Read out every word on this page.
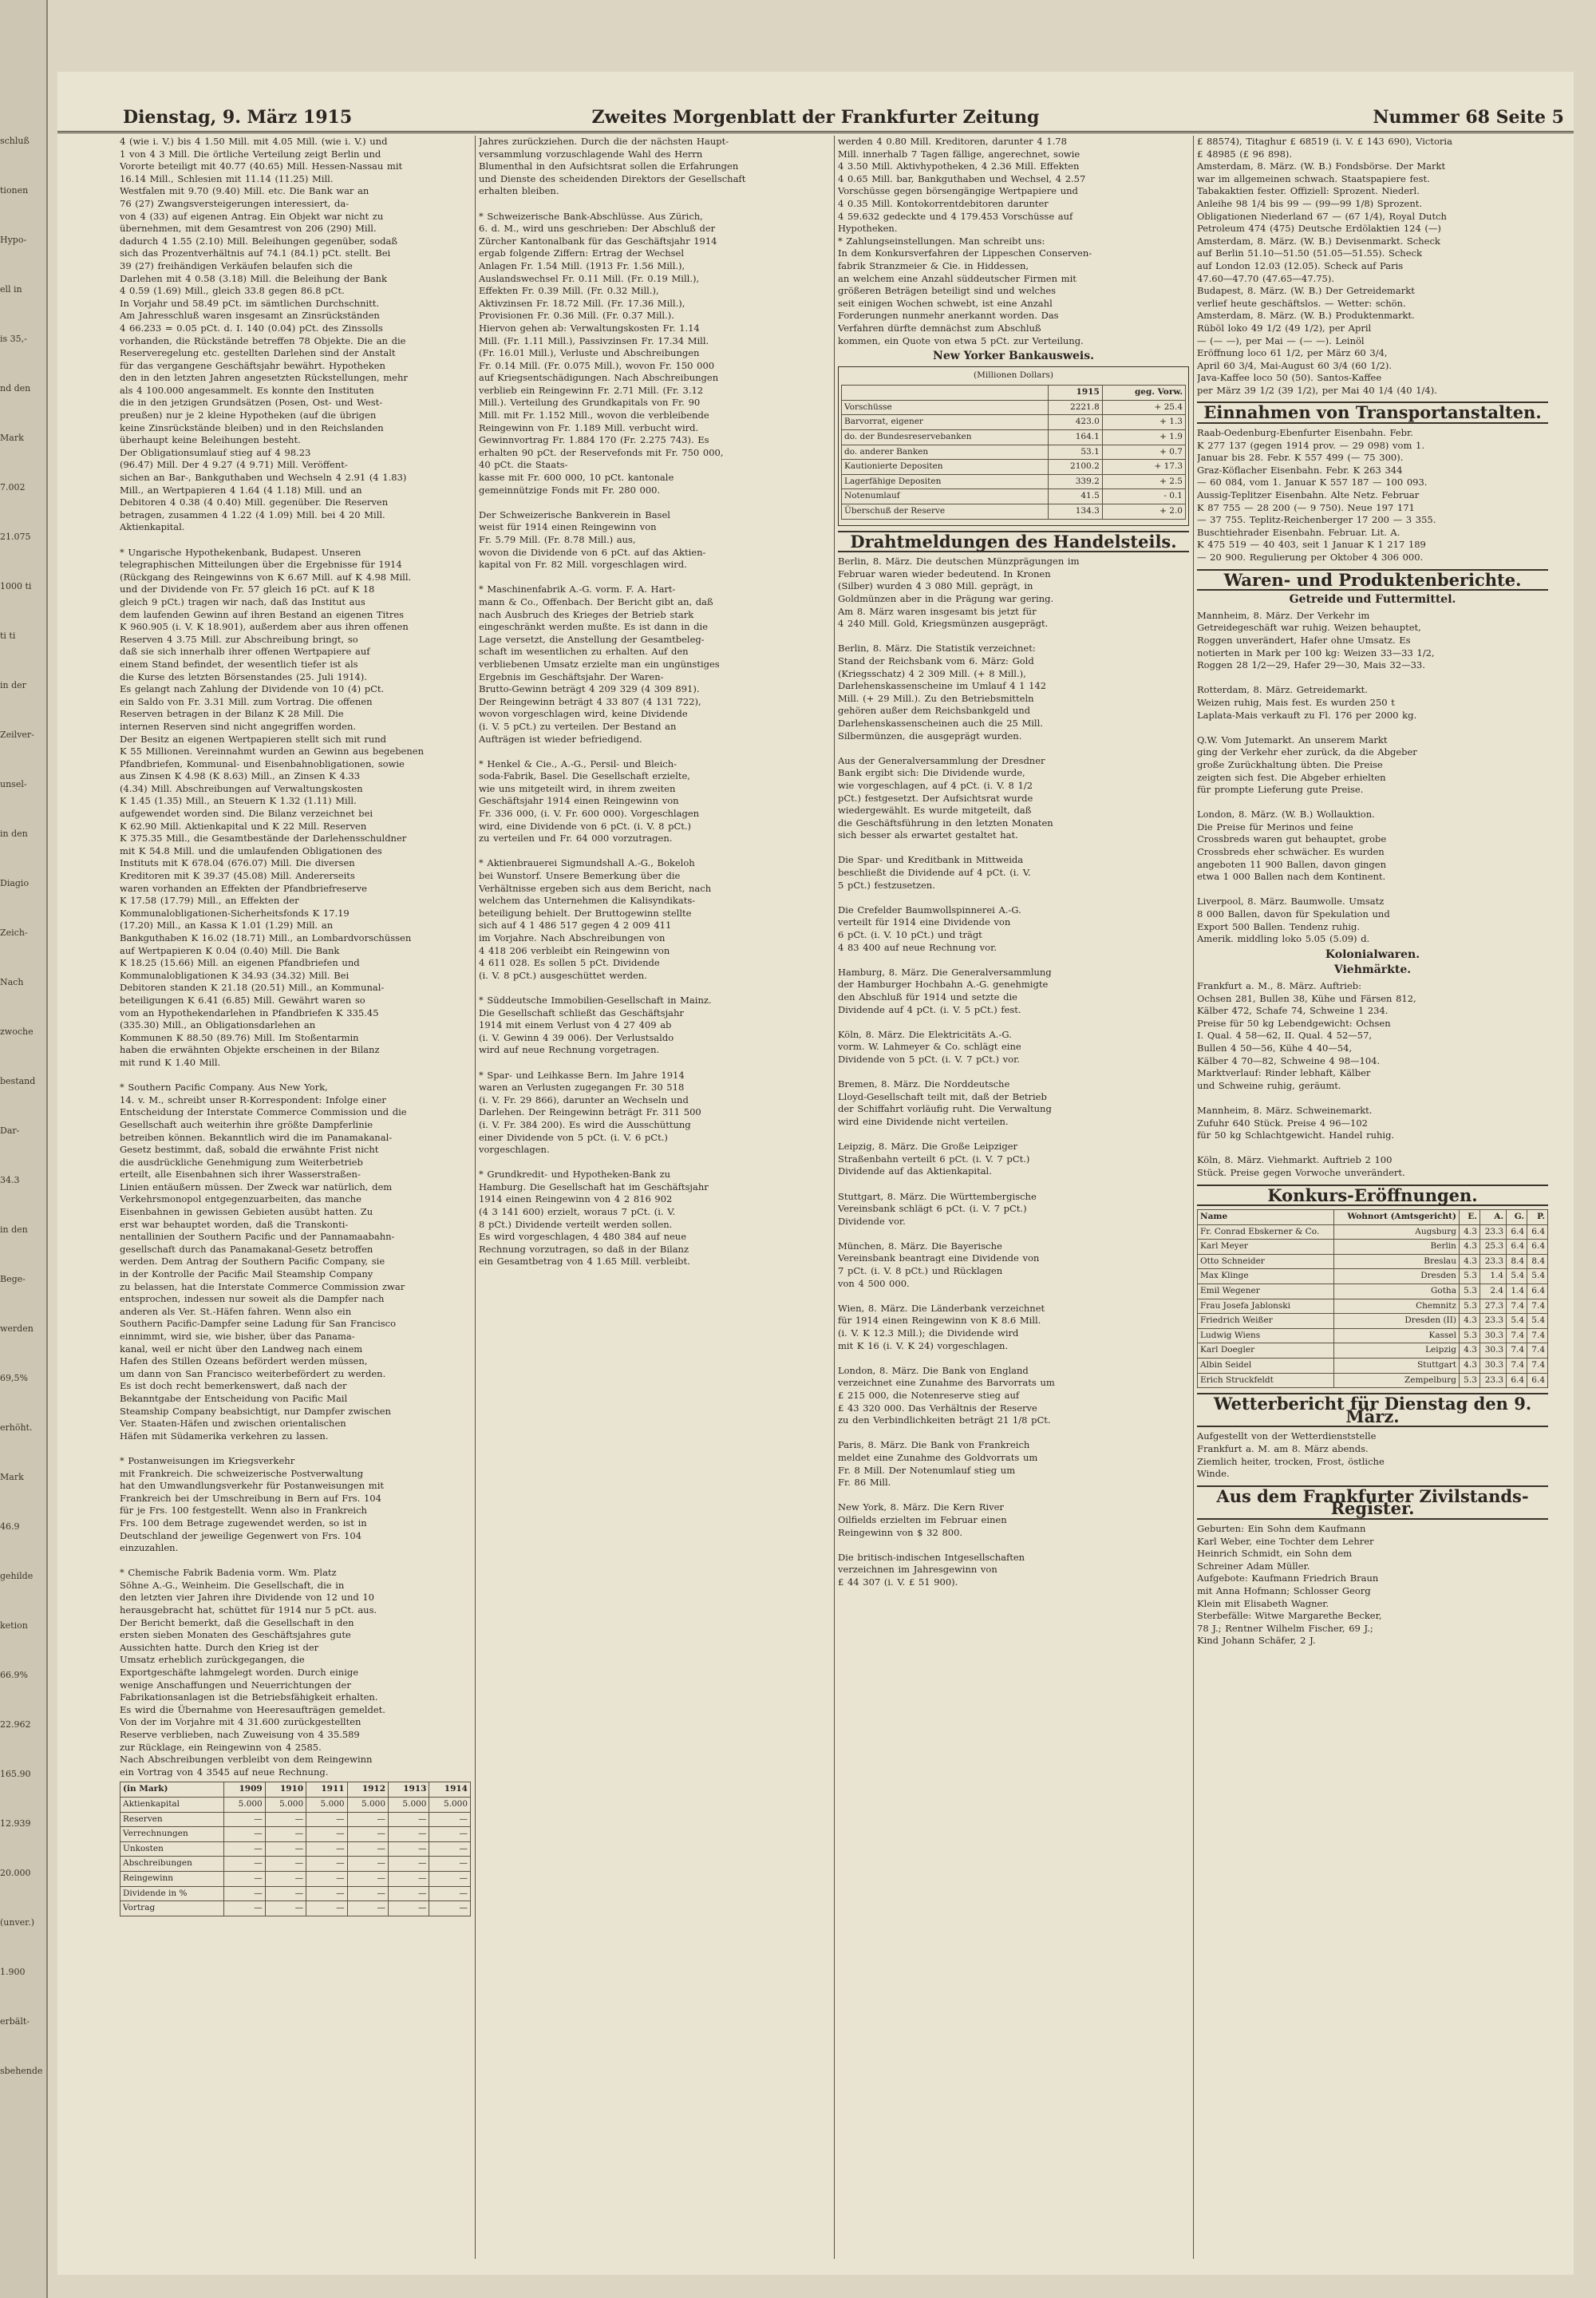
schluß
tionen
Hypo-
ell in
is 35,-
nd den
Mark
7.002
21.075
1000 ti
ti ti
in der
Zeilver-
unsel-
in den
Diagio
Zeich-
Nach
zwoche
bestand
Dar-
34.3
in den
Bege-
werden
69,5%
erhöht.
Mark
46.9
gehilde
ketion
66.9%
22.962
165.90
12.939
20.000
(unver.)
1.900
erbält-
sbehende
Dienstag, 9. März 1915	Zweites Morgenblatt der Frankfurter Zeitung	Nummer 68 Seite 5
4 (wie i. V.) bis 4 1.50 Mill. mit 4.05 Mill. (wie i. V.) und
1 von 4 3 Mill. Die örtliche Verteilung zeigt Berlin und
Vororte beteiligt mit 40.77 (40.65) Mill. Hessen-Nassau mit
16.14 Mill., Schlesien mit 11.14 (11.25) Mill.
Westfalen mit 9.70 (9.40) Mill. etc. Die Bank war an
76 (27) Zwangsversteigerungen interessiert, da-
von 4 (33) auf eigenen Antrag. Ein Objekt war nicht zu
übernehmen, mit dem Gesamtrest von 206 (290) Mill.
dadurch 4 1.55 (2.10) Mill. Beleihungen gegenüber, sodaß
sich das Prozentverhältnis auf 74.1 (84.1) pCt. stellt. Bei
39 (27) freihändigen Verkäufen belaufen sich die
Darlehen mit 4 0.58 (3.18) Mill. die Beleihung der Bank
4 0.59 (1.69) Mill., gleich 33.8 gegen 86.8 pCt.
In Vorjahr und 58.49 pCt. im sämtlichen Durchschnitt.
Am Jahresschluß waren insgesamt an Zinsrückständen
4 66.233 = 0.05 pCt. d. I. 140 (0.04) pCt. des Zinssolls
vorhanden, die Rückstände betreffen 78 Objekte. Die an die
Reserveregelung etc. gestellten Darlehen sind der Anstalt
für das vergangene Geschäftsjahr bewährt. Hypotheken
den in den letzten Jahren angesetzten Rückstellungen, mehr
als 4 100.000 angesammelt. Es konnte den Instituten
die in den jetzigen Grundsätzen (Posen, Ost- und West-
preußen) nur je 2 kleine Hypotheken (auf die übrigen
keine Zinsrückstände bleiben) und in den Reichslanden
überhaupt keine Beleihungen besteht.
Der Obligationsumlauf stieg auf 4 98.23
(96.47) Mill. Der 4 9.27 (4 9.71) Mill. Veröffent-
sichen an Bar-, Bankguthaben und Wechseln 4 2.91 (4 1.83)
Mill., an Wertpapieren 4 1.64 (4 1.18) Mill. und an
Debitoren 4 0.38 (4 0.40) Mill. gegenüber. Die Reserven
betragen, zusammen 4 1.22 (4 1.09) Mill. bei 4 20 Mill.
Aktienkapital.
* Ungarische Hypothekenbank, Budapest. Unseren
telegraphischen Mitteilungen über die Ergebnisse für 1914
(Rückgang des Reingewinns von K 6.67 Mill. auf K 4.98 Mill.
und der Dividende von Fr. 57 gleich 16 pCt. auf K 18
gleich 9 pCt.) tragen wir nach, daß das Institut aus
dem laufenden Gewinn auf ihren Bestand an eigenen Titres
K 960.905 (i. V. K 18.901), außerdem aber aus ihren offenen
Reserven 4 3.75 Mill. zur Abschreibung bringt, so
daß sie sich innerhalb ihrer offenen Wertpapiere auf
einem Stand befindet, der wesentlich tiefer ist als
die Kurse des letzten Börsenstandes (25. Juli 1914).
Es gelangt nach Zahlung der Dividende von 10 (4) pCt.
ein Saldo von Fr. 3.31 Mill. zum Vortrag. Die offenen
Reserven betragen in der Bilanz K 28 Mill. Die
internen Reserven sind nicht angegriffen worden.
Der Besitz an eigenen Wertpapieren stellt sich mit rund
K 55 Millionen. Vereinnahmt wurden an Gewinn aus begebenen
Pfandbriefen, Kommunal- und Eisenbahnobligationen, sowie
aus Zinsen K 4.98 (K 8.63) Mill., an Zinsen K 4.33
(4.34) Mill. Abschreibungen auf Verwaltungskosten
K 1.45 (1.35) Mill., an Steuern K 1.32 (1.11) Mill.
aufgewendet worden sind. Die Bilanz verzeichnet bei
K 62.90 Mill. Aktienkapital und K 22 Mill. Reserven
K 375.35 Mill., die Gesamtbestände der Darlehensschuldner
mit K 54.8 Mill. und die umlaufenden Obligationen des
Instituts mit K 678.04 (676.07) Mill. Die diversen
Kreditoren mit K 39.37 (45.08) Mill. Andererseits
waren vorhanden an Effekten der Pfandbriefreserve
K 17.58 (17.79) Mill., an Effekten der
Kommunalobligationen-Sicherheitsfonds K 17.19
(17.20) Mill., an Kassa K 1.01 (1.29) Mill. an
Bankguthaben K 16.02 (18.71) Mill., an Lombardvorschüssen
auf Wertpapieren K 0.04 (0.40) Mill. Die Bank
K 18.25 (15.66) Mill. an eigenen Pfandbriefen und
Kommunalobligationen K 34.93 (34.32) Mill. Bei
Debitoren standen K 21.18 (20.51) Mill., an Kommunal-
beteiligungen K 6.41 (6.85) Mill. Gewährt waren so
vom an Hypothekendarlehen in Pfandbriefen K 335.45
(335.30) Mill., an Obligationsdarlehen an
Kommunen K 88.50 (89.76) Mill. Im Stoßentarmin
haben die erwähnten Objekte erscheinen in der Bilanz
mit rund K 1.40 Mill.
* Southern Pacific Company. Aus New York,
14. v. M., schreibt unser R-Korrespondent: Infolge einer
Entscheidung der Interstate Commerce Commission und die
Gesellschaft auch weiterhin ihre größte Dampferlinie
betreiben können. Bekanntlich wird die im Panamakanal-
Gesetz bestimmt, daß, sobald die erwähnte Frist nicht
die ausdrückliche Genehmigung zum Weiterbetrieb
erteilt, alle Eisenbahnen sich ihrer Wasserstraßen-
Linien entäußern müssen. Der Zweck war natürlich, dem
Verkehrsmonopol entgegenzuarbeiten, das manche
Eisenbahnen in gewissen Gebieten ausübt hatten. Zu
erst war behauptet worden, daß die Transkonti-
nentallinien der Southern Pacific und der Pannamaabahn-
gesellschaft durch das Panamakanal-Gesetz betroffen
werden. Dem Antrag der Southern Pacific Company, sie
in der Kontrolle der Pacific Mail Steamship Company
zu belassen, hat die Interstate Commerce Commission zwar
entsprochen, indessen nur soweit als die Dampfer nach
anderen als Ver. St.-Häfen fahren. Wenn also ein
Southern Pacific-Dampfer seine Ladung für San Francisco
einnimmt, wird sie, wie bisher, über das Panama-
kanal, weil er nicht über den Landweg nach einem
Hafen des Stillen Ozeans befördert werden müssen,
um dann von San Francisco weiterbefördert zu werden.
Es ist doch recht bemerkenswert, daß nach der
Bekanntgabe der Entscheidung von Pacific Mail
Steamship Company beabsichtigt, nur Dampfer zwischen
Ver. Staaten-Häfen und zwischen orientalischen
Häfen mit Südamerika verkehren zu lassen.
* Postanweisungen im Kriegsverkehr
mit Frankreich. Die schweizerische Postverwaltung
hat den Umwandlungsverkehr für Postanweisungen mit
Frankreich bei der Umschreibung in Bern auf Frs. 104
für je Frs. 100 festgestellt. Wenn also in Frankreich
Frs. 100 dem Betrage zugewendet werden, so ist in
Deutschland der jeweilige Gegenwert von Frs. 104
einzuzahlen.
* Chemische Fabrik Badenia vorm. Wm. Platz
Söhne A.-G., Weinheim. Die Gesellschaft, die in
den letzten vier Jahren ihre Dividende von 12 und 10
herausgebracht hat, schüttet für 1914 nur 5 pCt. aus.
Der Bericht bemerkt, daß die Gesellschaft in den
ersten sieben Monaten des Geschäftsjahres gute
Aussichten hatte. Durch den Krieg ist der
Umsatz erheblich zurückgegangen, die
Exportgeschäfte lahmgelegt worden. Durch einige
wenige Anschaffungen und Neuerrichtungen der
Fabrikationsanlagen ist die Betriebsfähigkeit erhalten.
Es wird die Übernahme von Heeresaufträgen gemeldet.
Von der im Vorjahre mit 4 31.600 zurückgestellten
Reserve verblieben, nach Zuweisung von 4 35.589
zur Rücklage, ein Reingewinn von 4 2585.
Nach Abschreibungen verbleibt von dem Reingewinn
ein Vortrag von 4 3545 auf neue Rechnung.
(in Mark)	1909	1910	1911	1912	1913	1914
Aktienkapital	5.000	5.000	5.000	5.000	5.000	5.000
Reserven	—	—	—	—	—	—
Verrechnungen	—	—	—	—	—	—
Unkosten	—	—	—	—	—	—
Abschreibungen	—	—	—	—	—	—
Reingewinn	—	—	—	—	—	—
Dividende in %	—	—	—	—	—	—
Vortrag	—	—	—	—	—	—
Jahres zurückziehen. Durch die der nächsten Haupt-
versammlung vorzuschlagende Wahl des Herrn
Blumenthal in den Aufsichtsrat sollen die Erfahrungen
und Dienste des scheidenden Direktors der Gesellschaft
erhalten bleiben.
* Schweizerische Bank-Abschlüsse. Aus Zürich,
6. d. M., wird uns geschrieben: Der Abschluß der
Zürcher Kantonalbank für das Geschäftsjahr 1914
ergab folgende Ziffern: Ertrag der Wechsel
Anlagen Fr. 1.54 Mill. (1913 Fr. 1.56 Mill.),
Auslandswechsel Fr. 0.11 Mill. (Fr. 0.19 Mill.),
Effekten Fr. 0.39 Mill. (Fr. 0.32 Mill.),
Aktivzinsen Fr. 18.72 Mill. (Fr. 17.36 Mill.),
Provisionen Fr. 0.36 Mill. (Fr. 0.37 Mill.).
Hiervon gehen ab: Verwaltungskosten Fr. 1.14
Mill. (Fr. 1.11 Mill.), Passivzinsen Fr. 17.34 Mill.
(Fr. 16.01 Mill.), Verluste und Abschreibungen
Fr. 0.14 Mill. (Fr. 0.075 Mill.), wovon Fr. 150 000
auf Kriegsentschädigungen. Nach Abschreibungen
verblieb ein Reingewinn Fr. 2.71 Mill. (Fr. 3.12
Mill.). Verteilung des Grundkapitals von Fr. 90
Mill. mit Fr. 1.152 Mill., wovon die verbleibende
Reingewinn von Fr. 1.189 Mill. verbucht wird.
Gewinnvortrag Fr. 1.884 170 (Fr. 2.275 743). Es
erhalten 90 pCt. der Reservefonds mit Fr. 750 000,
40 pCt. die Staats-
kasse mit Fr. 600 000, 10 pCt. kantonale
gemeinnützige Fonds mit Fr. 280 000.
Der Schweizerische Bankverein in Basel
weist für 1914 einen Reingewinn von
Fr. 5.79 Mill. (Fr. 8.78 Mill.) aus,
wovon die Dividende von 6 pCt. auf das Aktien-
kapital von Fr. 82 Mill. vorgeschlagen wird.
* Maschinenfabrik A.-G. vorm. F. A. Hart-
mann & Co., Offenbach. Der Bericht gibt an, daß
nach Ausbruch des Krieges der Betrieb stark
eingeschränkt werden mußte. Es ist dann in die
Lage versetzt, die Anstellung der Gesamtbeleg-
schaft im wesentlichen zu erhalten. Auf den
verbliebenen Umsatz erzielte man ein ungünstiges
Ergebnis im Geschäftsjahr. Der Waren-
Brutto-Gewinn beträgt 4 209 329 (4 309 891).
Der Reingewinn beträgt 4 33 807 (4 131 722),
wovon vorgeschlagen wird, keine Dividende
(i. V. 5 pCt.) zu verteilen. Der Bestand an
Aufträgen ist wieder befriedigend.
* Henkel & Cie., A.-G., Persil- und Bleich-
soda-Fabrik, Basel. Die Gesellschaft erzielte,
wie uns mitgeteilt wird, in ihrem zweiten
Geschäftsjahr 1914 einen Reingewinn von
Fr. 336 000, (i. V. Fr. 600 000). Vorgeschlagen
wird, eine Dividende von 6 pCt. (i. V. 8 pCt.)
zu verteilen und Fr. 64 000 vorzutragen.
* Aktienbrauerei Sigmundshall A.-G., Bokeloh
bei Wunstorf. Unsere Bemerkung über die
Verhältnisse ergeben sich aus dem Bericht, nach
welchem das Unternehmen die Kalisyndikats-
beteiligung behielt. Der Bruttogewinn stellte
sich auf 4 1 486 517 gegen 4 2 009 411
im Vorjahre. Nach Abschreibungen von
4 418 206 verbleibt ein Reingewinn von
4 611 028. Es sollen 5 pCt. Dividende
(i. V. 8 pCt.) ausgeschüttet werden.
* Süddeutsche Immobilien-Gesellschaft in Mainz.
Die Gesellschaft schließt das Geschäftsjahr
1914 mit einem Verlust von 4 27 409 ab
(i. V. Gewinn 4 39 006). Der Verlustsaldo
wird auf neue Rechnung vorgetragen.
* Spar- und Leihkasse Bern. Im Jahre 1914
waren an Verlusten zugegangen Fr. 30 518
(i. V. Fr. 29 866), darunter an Wechseln und
Darlehen. Der Reingewinn beträgt Fr. 311 500
(i. V. Fr. 384 200). Es wird die Ausschüttung
einer Dividende von 5 pCt. (i. V. 6 pCt.)
vorgeschlagen.
* Grundkredit- und Hypotheken-Bank zu
Hamburg. Die Gesellschaft hat im Geschäftsjahr
1914 einen Reingewinn von 4 2 816 902
(4 3 141 600) erzielt, woraus 7 pCt. (i. V.
8 pCt.) Dividende verteilt werden sollen.
Es wird vorgeschlagen, 4 480 384 auf neue
Rechnung vorzutragen, so daß in der Bilanz
ein Gesamtbetrag von 4 1.65 Mill. verbleibt.
werden 4 0.80 Mill. Kreditoren, darunter 4 1.78
Mill. innerhalb 7 Tagen fällige, angerechnet, sowie
4 3.50 Mill. Aktivhypotheken, 4 2.36 Mill. Effekten
4 0.65 Mill. bar, Bankguthaben und Wechsel, 4 2.57
Vorschüsse gegen börsengängige Wertpapiere und
4 0.35 Mill. Kontokorrentdebitoren darunter
4 59.632 gedeckte und 4 179.453 Vorschüsse auf
Hypotheken.
* Zahlungseinstellungen. Man schreibt uns:
In dem Konkursverfahren der Lippeschen Conserven-
fabrik Stranzmeier & Cie. in Hiddessen,
an welchem eine Anzahl süddeutscher Firmen mit
größeren Beträgen beteiligt sind und welches
seit einigen Wochen schwebt, ist eine Anzahl
Forderungen nunmehr anerkannt worden. Das
Verfahren dürfte demnächst zum Abschluß
kommen, ein Quote von etwa 5 pCt. zur Verteilung.
New Yorker Bankausweis.
(Millionen Dollars)
	1915	geg. Vorw.
Vorschüsse	2221.8	+ 25.4
Barvorrat, eigener	423.0	+ 1.3
do. der Bundesreservebanken	164.1	+ 1.9
do. anderer Banken	53.1	+ 0.7
Kautionierte Depositen	2100.2	+ 17.3
Lagerfähige Depositen	339.2	+ 2.5
Notenumlauf	41.5	- 0.1
Überschuß der Reserve	134.3	+ 2.0
Drahtmeldungen des Handelsteils.
Berlin, 8. März. Die deutschen Münzprägungen im
Februar waren wieder bedeutend. In Kronen
(Silber) wurden 4 3 080 Mill. geprägt, in
Goldmünzen aber in die Prägung war gering.
Am 8. März waren insgesamt bis jetzt für
4 240 Mill. Gold, Kriegsmünzen ausgeprägt.
Berlin, 8. März. Die Statistik verzeichnet:
Stand der Reichsbank vom 6. März: Gold
(Kriegsschatz) 4 2 309 Mill. (+ 8 Mill.),
Darlehenskassenscheine im Umlauf 4 1 142
Mill. (+ 29 Mill.). Zu den Betriebsmitteln
gehören außer dem Reichsbankgeld und
Darlehenskassenscheinen auch die 25 Mill.
Silbermünzen, die ausgeprägt wurden.
Aus der Generalversammlung der Dresdner
Bank ergibt sich: Die Dividende wurde,
wie vorgeschlagen, auf 4 pCt. (i. V. 8 1/2
pCt.) festgesetzt. Der Aufsichtsrat wurde
wiedergewählt. Es wurde mitgeteilt, daß
die Geschäftsführung in den letzten Monaten
sich besser als erwartet gestaltet hat.
Die Spar- und Kreditbank in Mittweida
beschließt die Dividende auf 4 pCt. (i. V.
5 pCt.) festzusetzen.
Die Crefelder Baumwollspinnerei A.-G.
verteilt für 1914 eine Dividende von
6 pCt. (i. V. 10 pCt.) und trägt
4 83 400 auf neue Rechnung vor.
Hamburg, 8. März. Die Generalversammlung
der Hamburger Hochbahn A.-G. genehmigte
den Abschluß für 1914 und setzte die
Dividende auf 4 pCt. (i. V. 5 pCt.) fest.
Köln, 8. März. Die Elektricitäts A.-G.
vorm. W. Lahmeyer & Co. schlägt eine
Dividende von 5 pCt. (i. V. 7 pCt.) vor.
Bremen, 8. März. Die Norddeutsche
Lloyd-Gesellschaft teilt mit, daß der Betrieb
der Schiffahrt vorläufig ruht. Die Verwaltung
wird eine Dividende nicht verteilen.
Leipzig, 8. März. Die Große Leipziger
Straßenbahn verteilt 6 pCt. (i. V. 7 pCt.)
Dividende auf das Aktienkapital.
Stuttgart, 8. März. Die Württembergische
Vereinsbank schlägt 6 pCt. (i. V. 7 pCt.)
Dividende vor.
München, 8. März. Die Bayerische
Vereinsbank beantragt eine Dividende von
7 pCt. (i. V. 8 pCt.) und Rücklagen
von 4 500 000.
Wien, 8. März. Die Länderbank verzeichnet
für 1914 einen Reingewinn von K 8.6 Mill.
(i. V. K 12.3 Mill.); die Dividende wird
mit K 16 (i. V. K 24) vorgeschlagen.
London, 8. März. Die Bank von England
verzeichnet eine Zunahme des Barvorrats um
£ 215 000, die Notenreserve stieg auf
£ 43 320 000. Das Verhältnis der Reserve
zu den Verbindlichkeiten beträgt 21 1/8 pCt.
Paris, 8. März. Die Bank von Frankreich
meldet eine Zunahme des Goldvorrats um
Fr. 8 Mill. Der Notenumlauf stieg um
Fr. 86 Mill.
New York, 8. März. Die Kern River
Oilfields erzielten im Februar einen
Reingewinn von $ 32 800.
Die britisch-indischen Intgesellschaften
verzeichnen im Jahresgewinn von
£ 44 307 (i. V. £ 51 900).
£ 88574), Titaghur £ 68519 (i. V. £ 143 690), Victoria
£ 48985 (£ 96 898).
Amsterdam, 8. März. (W. B.) Fondsbörse. Der Markt
war im allgemeinen schwach. Staatspapiere fest.
Tabakaktien fester. Offiziell: Sprozent. Niederl.
Anleihe 98 1/4 bis 99 — (99—99 1/8) Sprozent.
Obligationen Niederland 67 — (67 1/4), Royal Dutch
Petroleum 474 (475) Deutsche Erdölaktien 124 (—)
Amsterdam, 8. März. (W. B.) Devisenmarkt. Scheck
auf Berlin 51.10—51.50 (51.05—51.55). Scheck
auf London 12.03 (12.05). Scheck auf Paris
47.60—47.70 (47.65—47.75).
Budapest, 8. März. (W. B.) Der Getreidemarkt
verlief heute geschäftslos. — Wetter: schön.
Amsterdam, 8. März. (W. B.) Produktenmarkt.
Rüböl loko 49 1/2 (49 1/2), per April
— (— —), per Mai — (— —). Leinöl
Eröffnung loco 61 1/2, per März 60 3/4,
April 60 3/4, Mai-August 60 3/4 (60 1/2).
Java-Kaffee loco 50 (50). Santos-Kaffee
per März 39 1/2 (39 1/2), per Mai 40 1/4 (40 1/4).
Einnahmen von Transportanstalten.
Raab-Oedenburg-Ebenfurter Eisenbahn. Febr.
K 277 137 (gegen 1914 prov. — 29 098) vom 1.
Januar bis 28. Febr. K 557 499 (— 75 300).
Graz-Köflacher Eisenbahn. Febr. K 263 344
— 60 084, vom 1. Januar K 557 187 — 100 093.
Aussig-Teplitzer Eisenbahn. Alte Netz. Februar
K 87 755 — 28 200 (— 9 750). Neue 197 171
— 37 755. Teplitz-Reichenberger 17 200 — 3 355.
Buschtiehrader Eisenbahn. Februar. Lit. A.
K 475 519 — 40 403, seit 1 Januar K 1 217 189
— 20 900. Regulierung per Oktober 4 306 000.
Waren- und Produktenberichte.
Getreide und Futtermittel.
Mannheim, 8. März. Der Verkehr im
Getreidegeschäft war ruhig. Weizen behauptet,
Roggen unverändert, Hafer ohne Umsatz. Es
notierten in Mark per 100 kg: Weizen 33—33 1/2,
Roggen 28 1/2—29, Hafer 29—30, Mais 32—33.
Rotterdam, 8. März. Getreidemarkt.
Weizen ruhig, Mais fest. Es wurden 250 t
Laplata-Mais verkauft zu Fl. 176 per 2000 kg.
Q.W. Vom Jutemarkt. An unserem Markt
ging der Verkehr eher zurück, da die Abgeber
große Zurückhaltung übten. Die Preise
zeigten sich fest. Die Abgeber erhielten
für prompte Lieferung gute Preise.
London, 8. März. (W. B.) Wollauktion.
Die Preise für Merinos und feine
Crossbreds waren gut behauptet, grobe
Crossbreds eher schwächer. Es wurden
angeboten 11 900 Ballen, davon gingen
etwa 1 000 Ballen nach dem Kontinent.
Liverpool, 8. März. Baumwolle. Umsatz
8 000 Ballen, davon für Spekulation und
Export 500 Ballen. Tendenz ruhig.
Amerik. middling loko 5.05 (5.09) d.
Kolonialwaren.
Viehmärkte.
Frankfurt a. M., 8. März. Auftrieb:
Ochsen 281, Bullen 38, Kühe und Färsen 812,
Kälber 472, Schafe 74, Schweine 1 234.
Preise für 50 kg Lebendgewicht: Ochsen
I. Qual. 4 58—62, II. Qual. 4 52—57,
Bullen 4 50—56, Kühe 4 40—54,
Kälber 4 70—82, Schweine 4 98—104.
Marktverlauf: Rinder lebhaft, Kälber
und Schweine ruhig, geräumt.
Mannheim, 8. März. Schweinemarkt.
Zufuhr 640 Stück. Preise 4 96—102
für 50 kg Schlachtgewicht. Handel ruhig.
Köln, 8. März. Viehmarkt. Auftrieb 2 100
Stück. Preise gegen Vorwoche unverändert.
Konkurs-Eröffnungen.
Name	Wohnort (Amtsgericht)	E.	A.	G.	P.
Fr. Conrad Ebskerner & Co.	Augsburg	4.3	23.3	6.4	6.4
Karl Meyer	Berlin	4.3	25.3	6.4	6.4
Otto Schneider	Breslau	4.3	23.3	8.4	8.4
Max Klinge	Dresden	5.3	1.4	5.4	5.4
Emil Wegener	Gotha	5.3	2.4	1.4	6.4
Frau Josefa Jablonski	Chemnitz	5.3	27.3	7.4	7.4
Friedrich Weißer	Dresden (II)	4.3	23.3	5.4	5.4
Ludwig Wiens	Kassel	5.3	30.3	7.4	7.4
Karl Doegler	Leipzig	4.3	30.3	7.4	7.4
Albin Seidel	Stuttgart	4.3	30.3	7.4	7.4
Erich Struckfeldt	Zempelburg	5.3	23.3	6.4	6.4
Wetterbericht für Dienstag den 9. März.
Aufgestellt von der Wetterdienststelle
Frankfurt a. M. am 8. März abends.
Ziemlich heiter, trocken, Frost, östliche
Winde.
Aus dem Frankfurter Zivilstands-Register.
Geburten: Ein Sohn dem Kaufmann
Karl Weber, eine Tochter dem Lehrer
Heinrich Schmidt, ein Sohn dem
Schreiner Adam Müller.
Aufgebote: Kaufmann Friedrich Braun
mit Anna Hofmann; Schlosser Georg
Klein mit Elisabeth Wagner.
Sterbefälle: Witwe Margarethe Becker,
78 J.; Rentner Wilhelm Fischer, 69 J.;
Kind Johann Schäfer, 2 J.
